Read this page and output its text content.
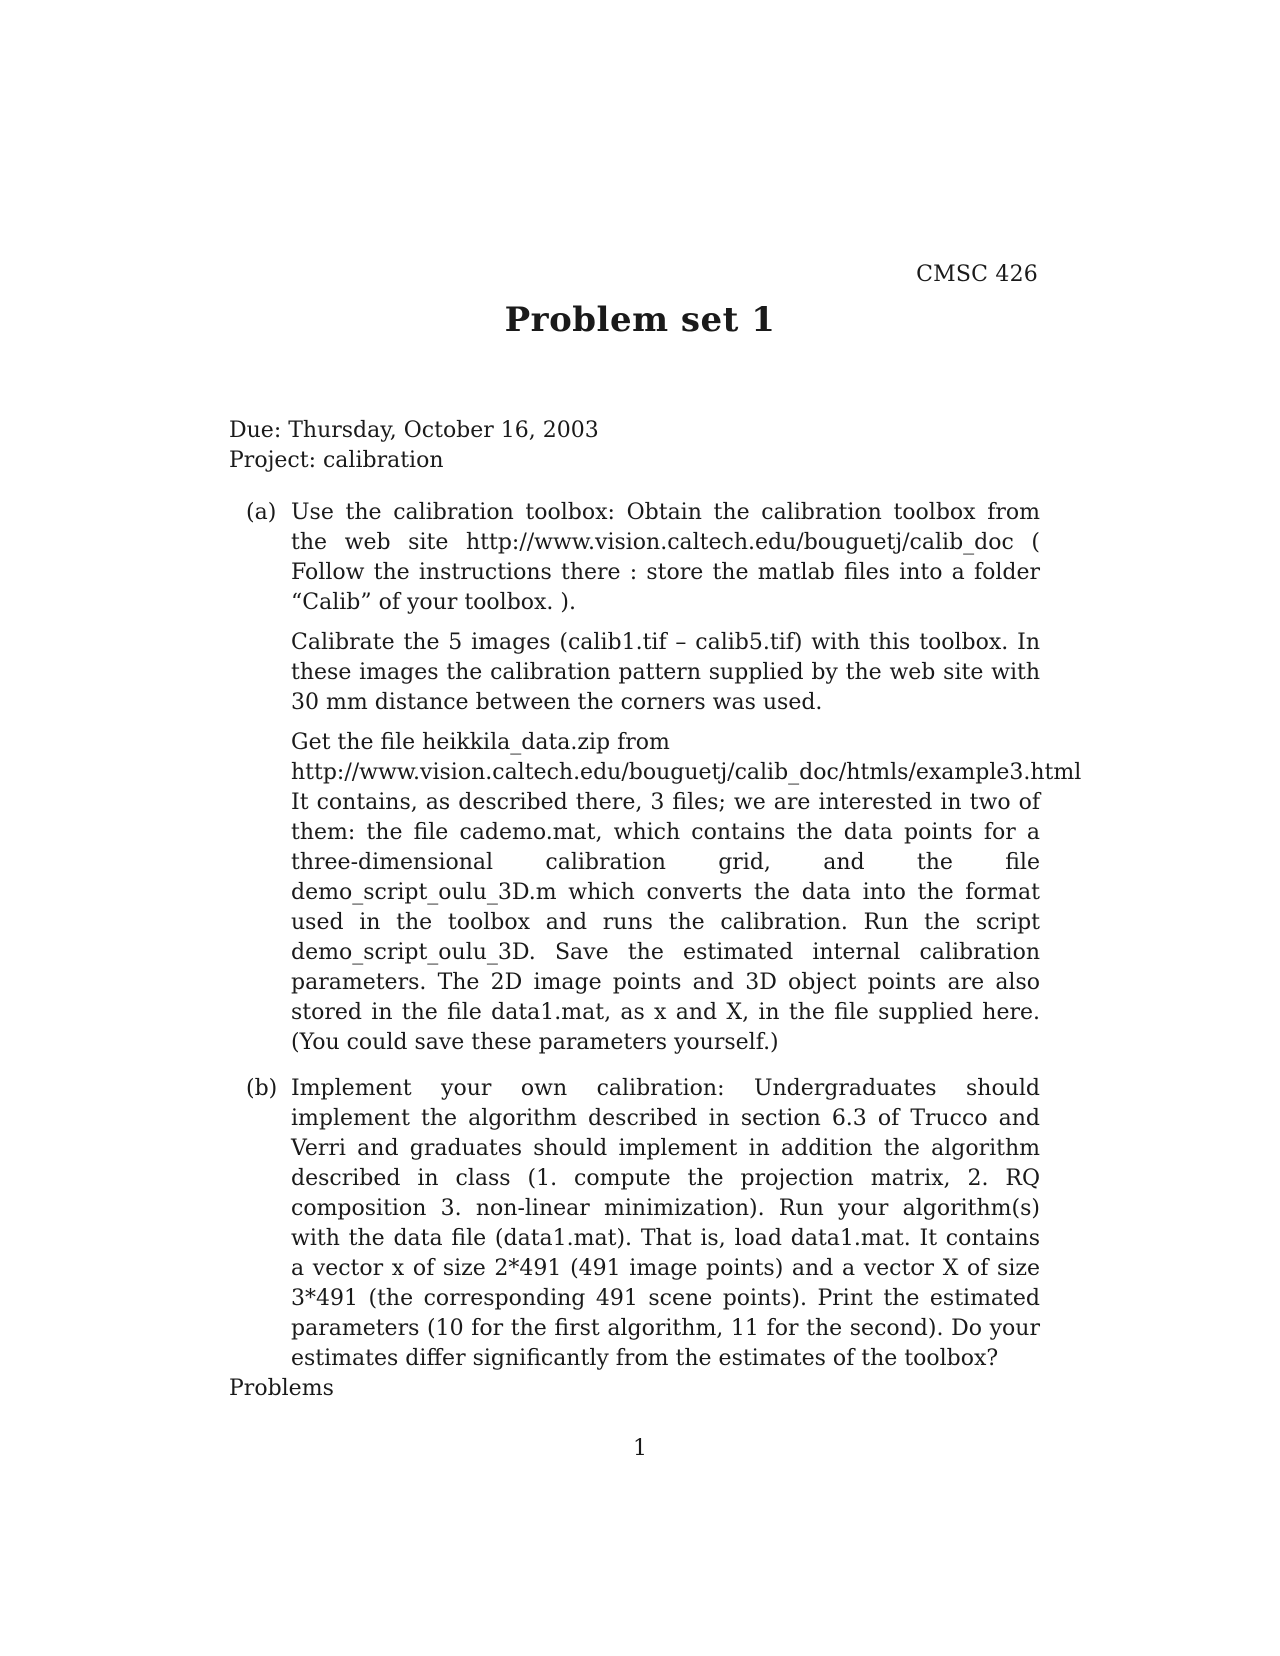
CMSC 426
Problem set 1
Due: Thursday, October 16, 2003
Project: calibration
(a) Use the calibration toolbox: Obtain the calibration toolbox from the web site http://www.vision.caltech.edu/bouguetj/calib_doc ( Follow the instructions there : store the matlab files into a folder “Calib” of your toolbox. ).

Calibrate the 5 images (calib1.tif – calib5.tif) with this toolbox. In these images the calibration pattern supplied by the web site with 30 mm distance between the corners was used.

Get the file heikkila_data.zip from
http://www.vision.caltech.edu/bouguetj/calib_doc/htmls/example3.html
It contains, as described there, 3 files; we are interested in two of them: the file cademo.mat, which contains the data points for a three-dimensional calibration grid, and the file demo_script_oulu_3D.m which converts the data into the format used in the toolbox and runs the calibration. Run the script demo_script_oulu_3D. Save the estimated internal calibration parameters. The 2D image points and 3D object points are also stored in the file data1.mat, as x and X, in the file supplied here. (You could save these parameters yourself.)
(b) Implement your own calibration: Undergraduates should implement the algorithm described in section 6.3 of Trucco and Verri and graduates should implement in addition the algorithm described in class (1. compute the projection matrix, 2. RQ composition 3. non-linear minimization). Run your algorithm(s) with the data file (data1.mat). That is, load data1.mat. It contains a vector x of size 2*491 (491 image points) and a vector X of size 3*491 (the corresponding 491 scene points). Print the estimated parameters (10 for the first algorithm, 11 for the second). Do your estimates differ significantly from the estimates of the toolbox?

Problems
1
